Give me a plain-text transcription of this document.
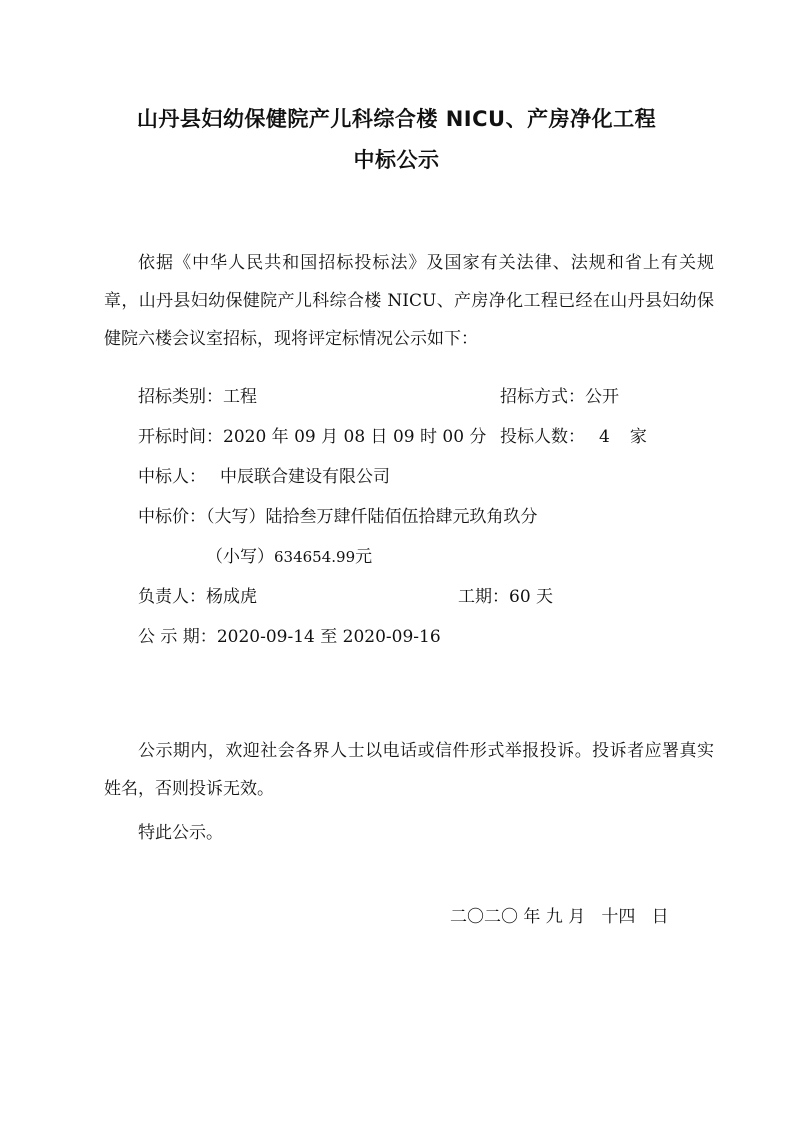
山丹县妇幼保健院产儿科综合楼 NICU、产房净化工程
中标公示

依据《中华人民共和国招标投标法》及国家有关法律、法规和省上有关规章，山丹县妇幼保健院产儿科综合楼 NICU、产房净化工程已经在山丹县妇幼保健院六楼会议室招标，现将评定标情况公示如下：

招标类别：工程	招标方式：公开
开标时间：2020 年 09 月 08 日 09 时 00 分 投标人数： 4 家
中标人： 中辰联合建设有限公司
中标价：（大写）陆拾叁万肆仟陆佰伍拾肆元玖角玖分
（小写）634654.99元
负责人：杨成虎	工期：60 天
公 示 期：2020-09-14 至 2020-09-16

公示期内，欢迎社会各界人士以电话或信件形式举报投诉。投诉者应署真实姓名，否则投诉无效。

特此公示。
二〇二〇 年 九 月   十四   日
